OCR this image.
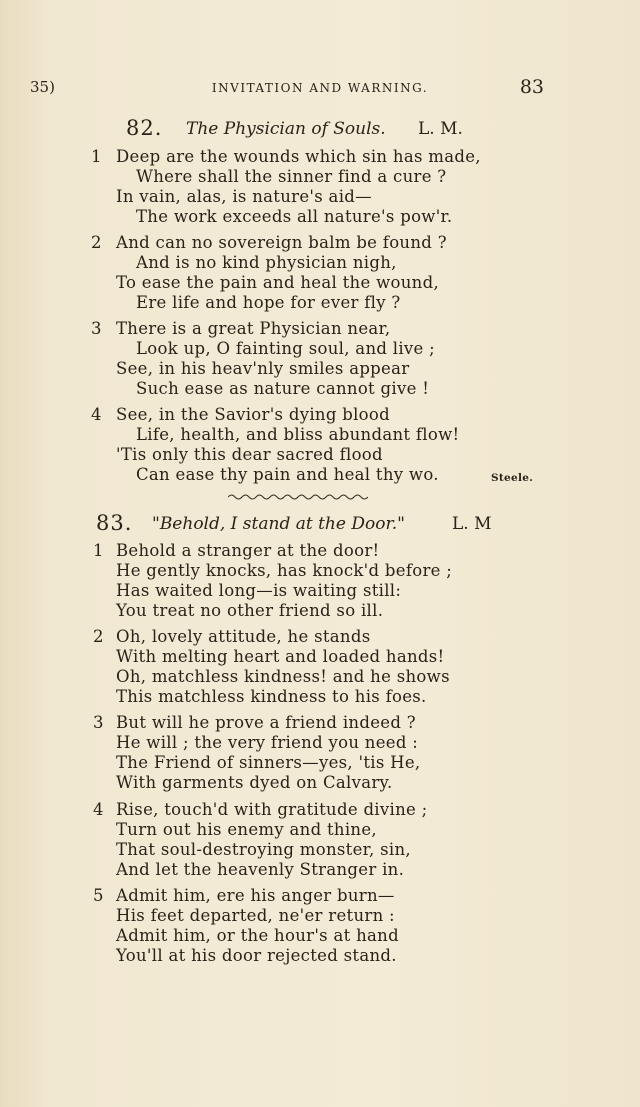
35)	INVITATION AND WARNING.	83
82. The Physician of Souls. L. M.
1 Deep are the wounds which sin has made,
Where shall the sinner find a cure ?
In vain, alas, is nature's aid—
The work exceeds all nature's pow'r.
2 And can no sovereign balm be found ?
And is no kind physician nigh,
To ease the pain and heal the wound,
Ere life and hope for ever fly ?
3 There is a great Physician near,
Look up, O fainting soul, and live ;
See, in his heav'nly smiles appear
Such ease as nature cannot give !
4 See, in the Savior's dying blood
Life, health, and bliss abundant flow!
'Tis only this dear sacred flood
Can ease thy pain and heal thy wo.	Steele.
83. "Behold, I stand at the Door."	L. M
1 Behold a stranger at the door!
He gently knocks, has knock'd before ;
Has waited long—is waiting still:
You treat no other friend so ill.
2 Oh, lovely attitude, he stands
With melting heart and loaded hands!
Oh, matchless kindness! and he shows
This matchless kindness to his foes.
3 But will he prove a friend indeed ?
He will ; the very friend you need :
The Friend of sinners—yes, 'tis He,
With garments dyed on Calvary.
4 Rise, touch'd with gratitude divine ;
Turn out his enemy and thine,
That soul-destroying monster, sin,
And let the heavenly Stranger in.
5 Admit him, ere his anger burn—
His feet departed, ne'er return :
Admit him, or the hour's at hand
You'll at his door rejected stand.
